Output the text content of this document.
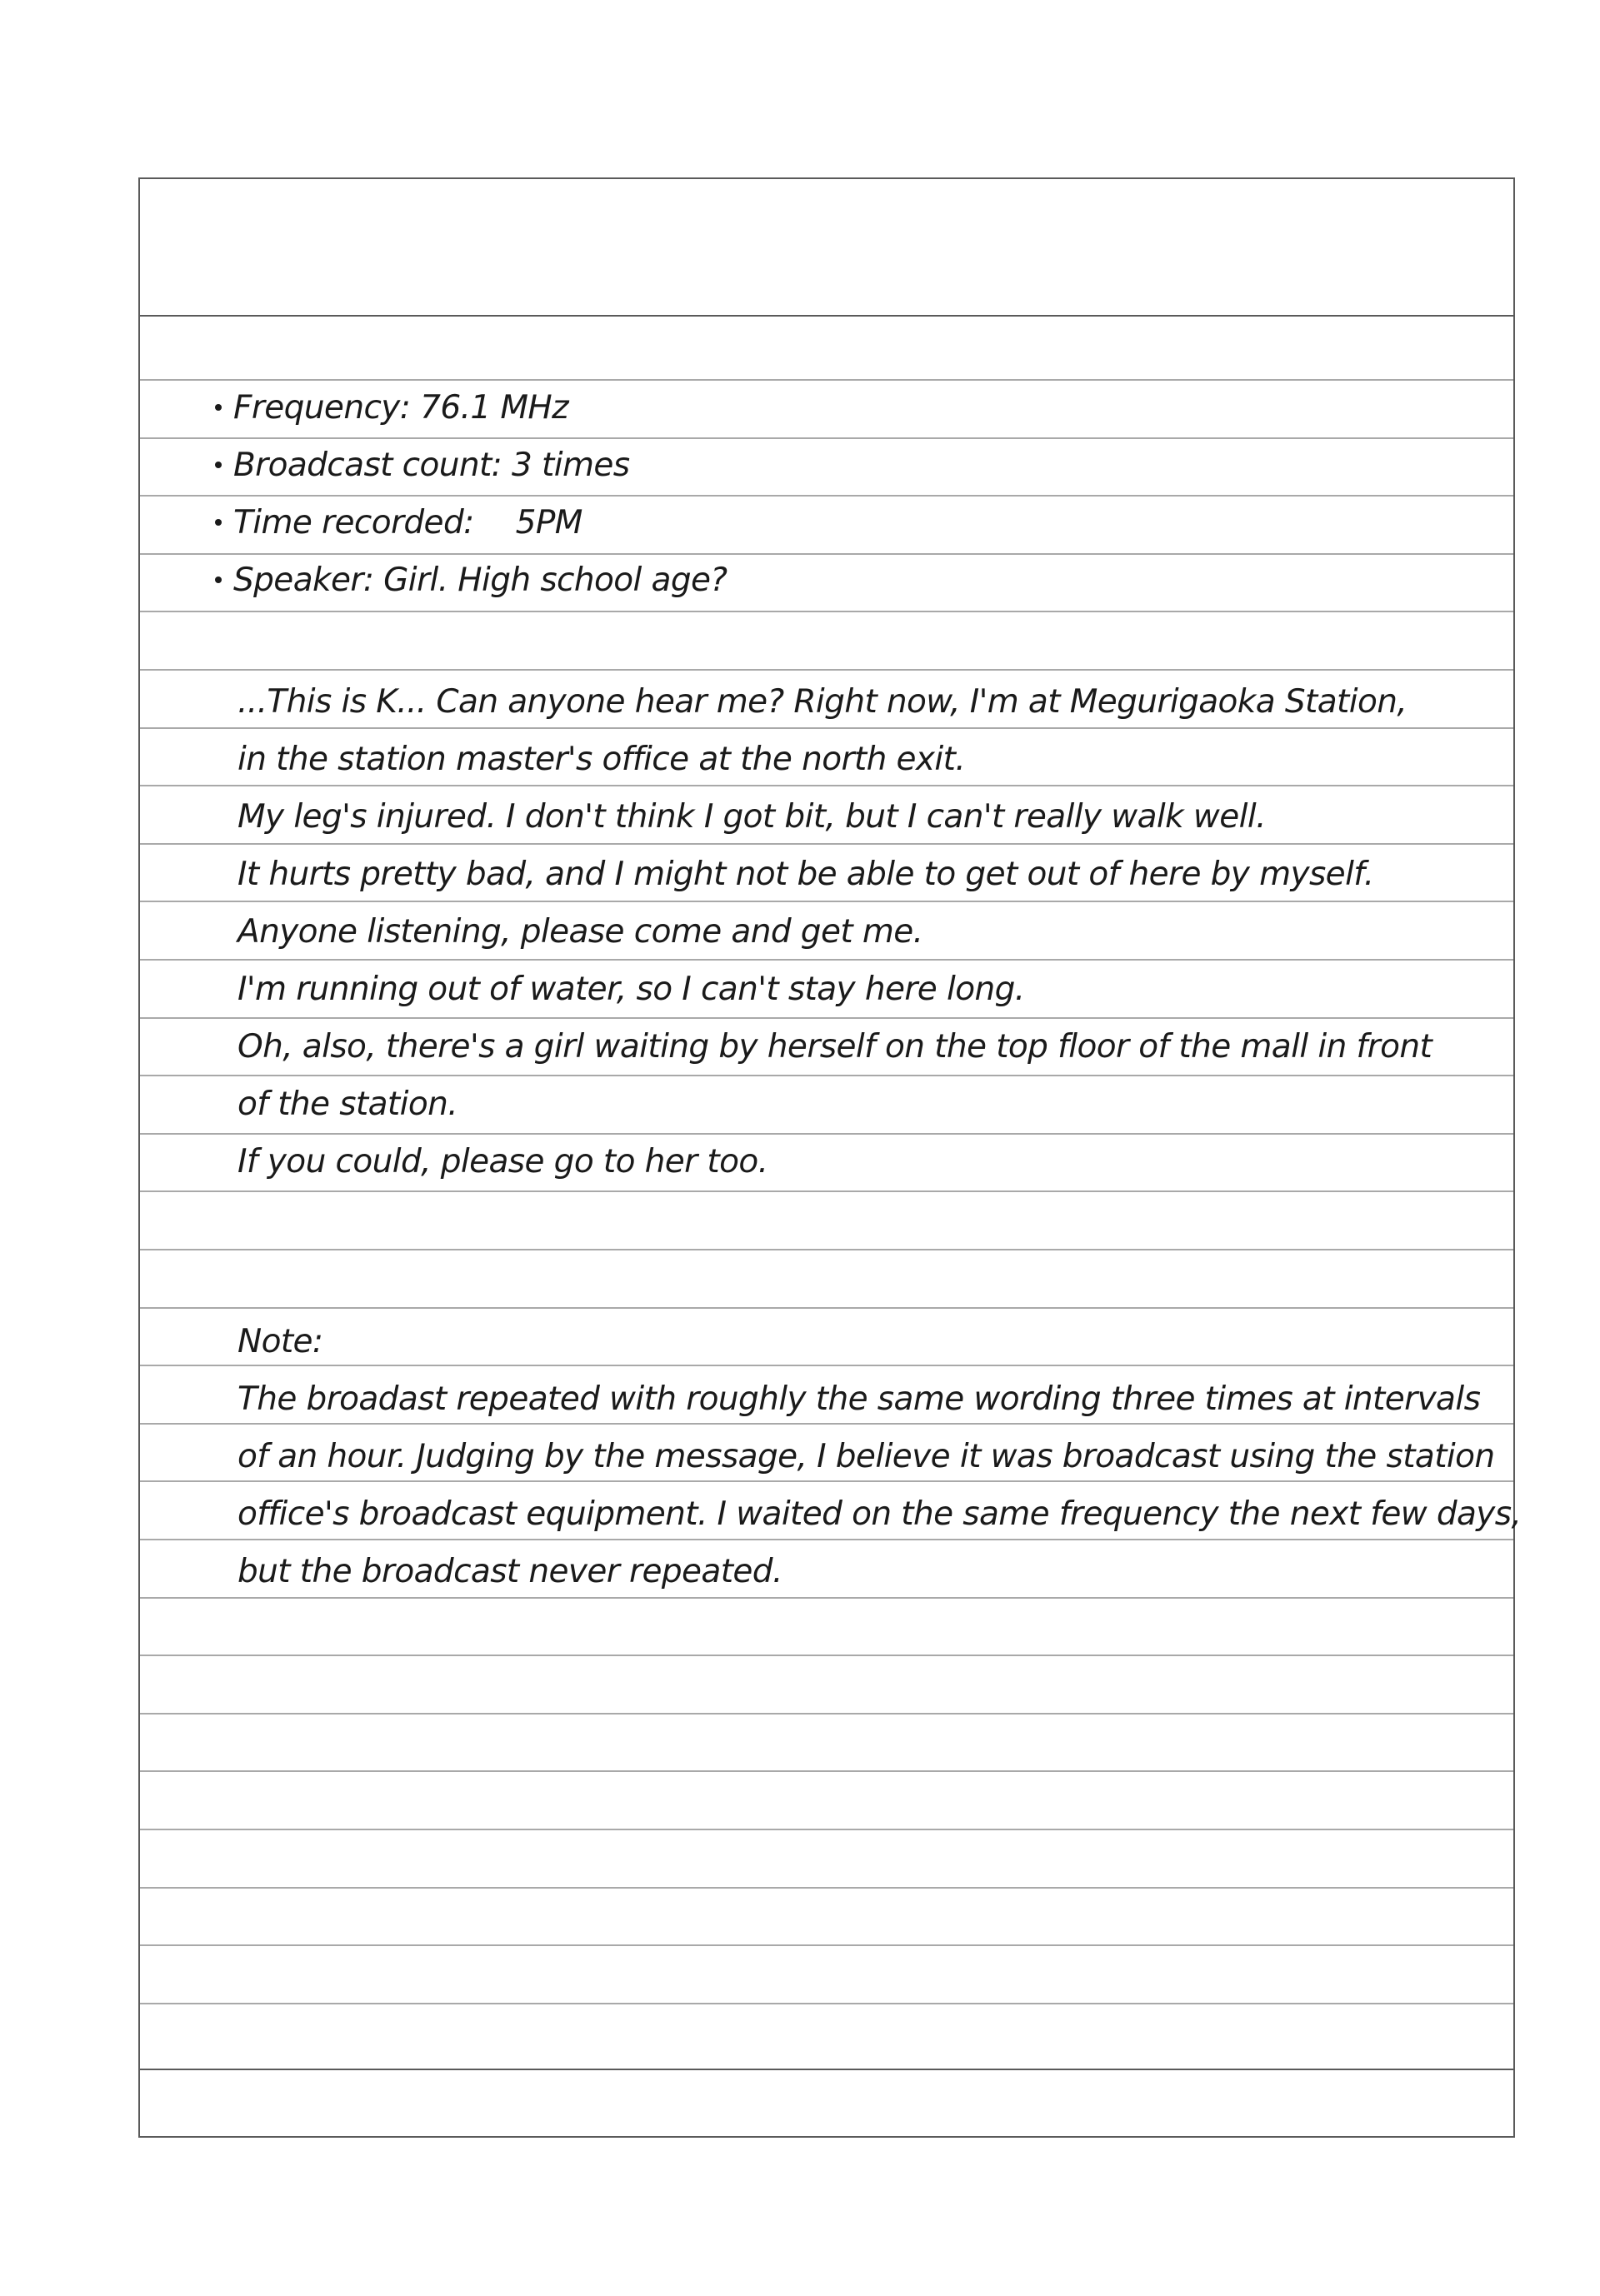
Frequency: 76.1 MHz
Broadcast count: 3 times
Time recorded: 5PM
Speaker: Girl. High school age?
...This is K... Can anyone hear me? Right now, I'm at Megurigaoka Station,
in the station master's office at the north exit.
My leg's injured. I don't think I got bit, but I can't really walk well.
It hurts pretty bad, and I might not be able to get out of here by myself.
Anyone listening, please come and get me.
I'm running out of water, so I can't stay here long.
Oh, also, there's a girl waiting by herself on the top floor of the mall in front
of the station.
If you could, please go to her too.
Note:
The broadast repeated with roughly the same wording three times at intervals
of an hour. Judging by the message, I believe it was broadcast using the station
office's broadcast equipment. I waited on the same frequency the next few days,
but the broadcast never repeated.
